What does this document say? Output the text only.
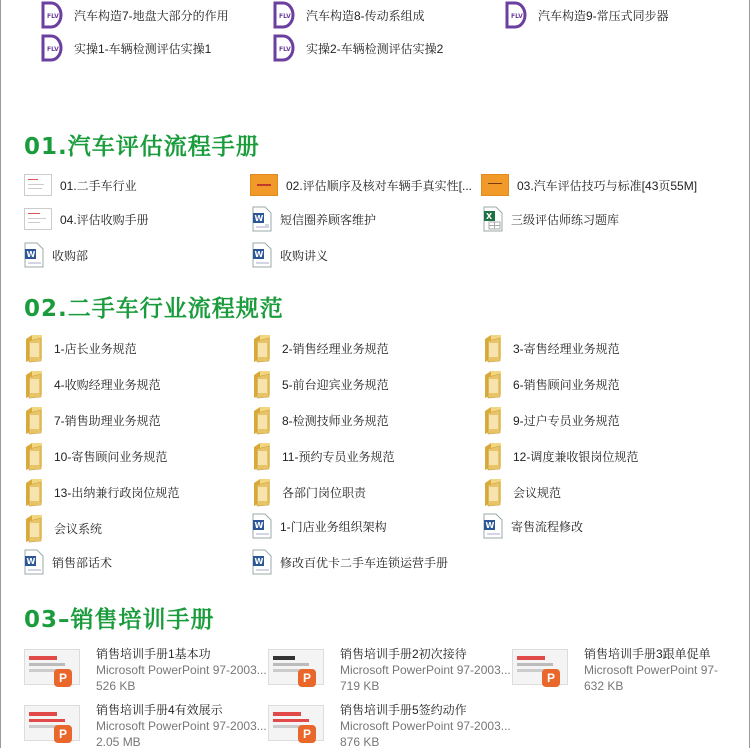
FLV 汽车构造7-地盘大部分的作用	FLV 汽车构造8-传动系组成	FLV 汽车构造9-常压式同步器
FLV 实操1-车辆检测评估实操1	FLV 实操2-车辆检测评估实操2
01.汽车评估流程手册
01.二手车行业	02.评估顺序及核对车辆手真实性[...	03.汽车评估技巧与标准[43页55M]
04.评估收购手册	W 短信圈养顾客维护	X 三级评估师练习题库
W 收购部	W 收购讲义
02.二手车行业流程规范
1-店长业务规范	2-销售经理业务规范	3-寄售经理业务规范
4-收购经理业务规范	5-前台迎宾业务规范	6-销售顾问业务规范
7-销售助理业务规范	8-检测技师业务规范	9-过户专员业务规范
10-寄售顾问业务规范	11-预约专员业务规范	12-调度兼收银岗位规范
13-出纳兼行政岗位规范	各部门岗位职责	会议规范
会议系统	W 1-门店业务组织架构	W 寄售流程修改
W 销售部话术	W 修改百优卡二手车连锁运营手册
03–销售培训手册
P
销售培训手册1基本功
Microsoft PowerPoint 97-2003...
526 KB
P
销售培训手册2初次接待
Microsoft PowerPoint 97-2003...
719 KB
P
销售培训手册3跟单促单
Microsoft PowerPoint 97-
632 KB
P
销售培训手册4有效展示
Microsoft PowerPoint 97-2003...
2.05 MB
P
销售培训手册5签约动作
Microsoft PowerPoint 97-2003...
876 KB
